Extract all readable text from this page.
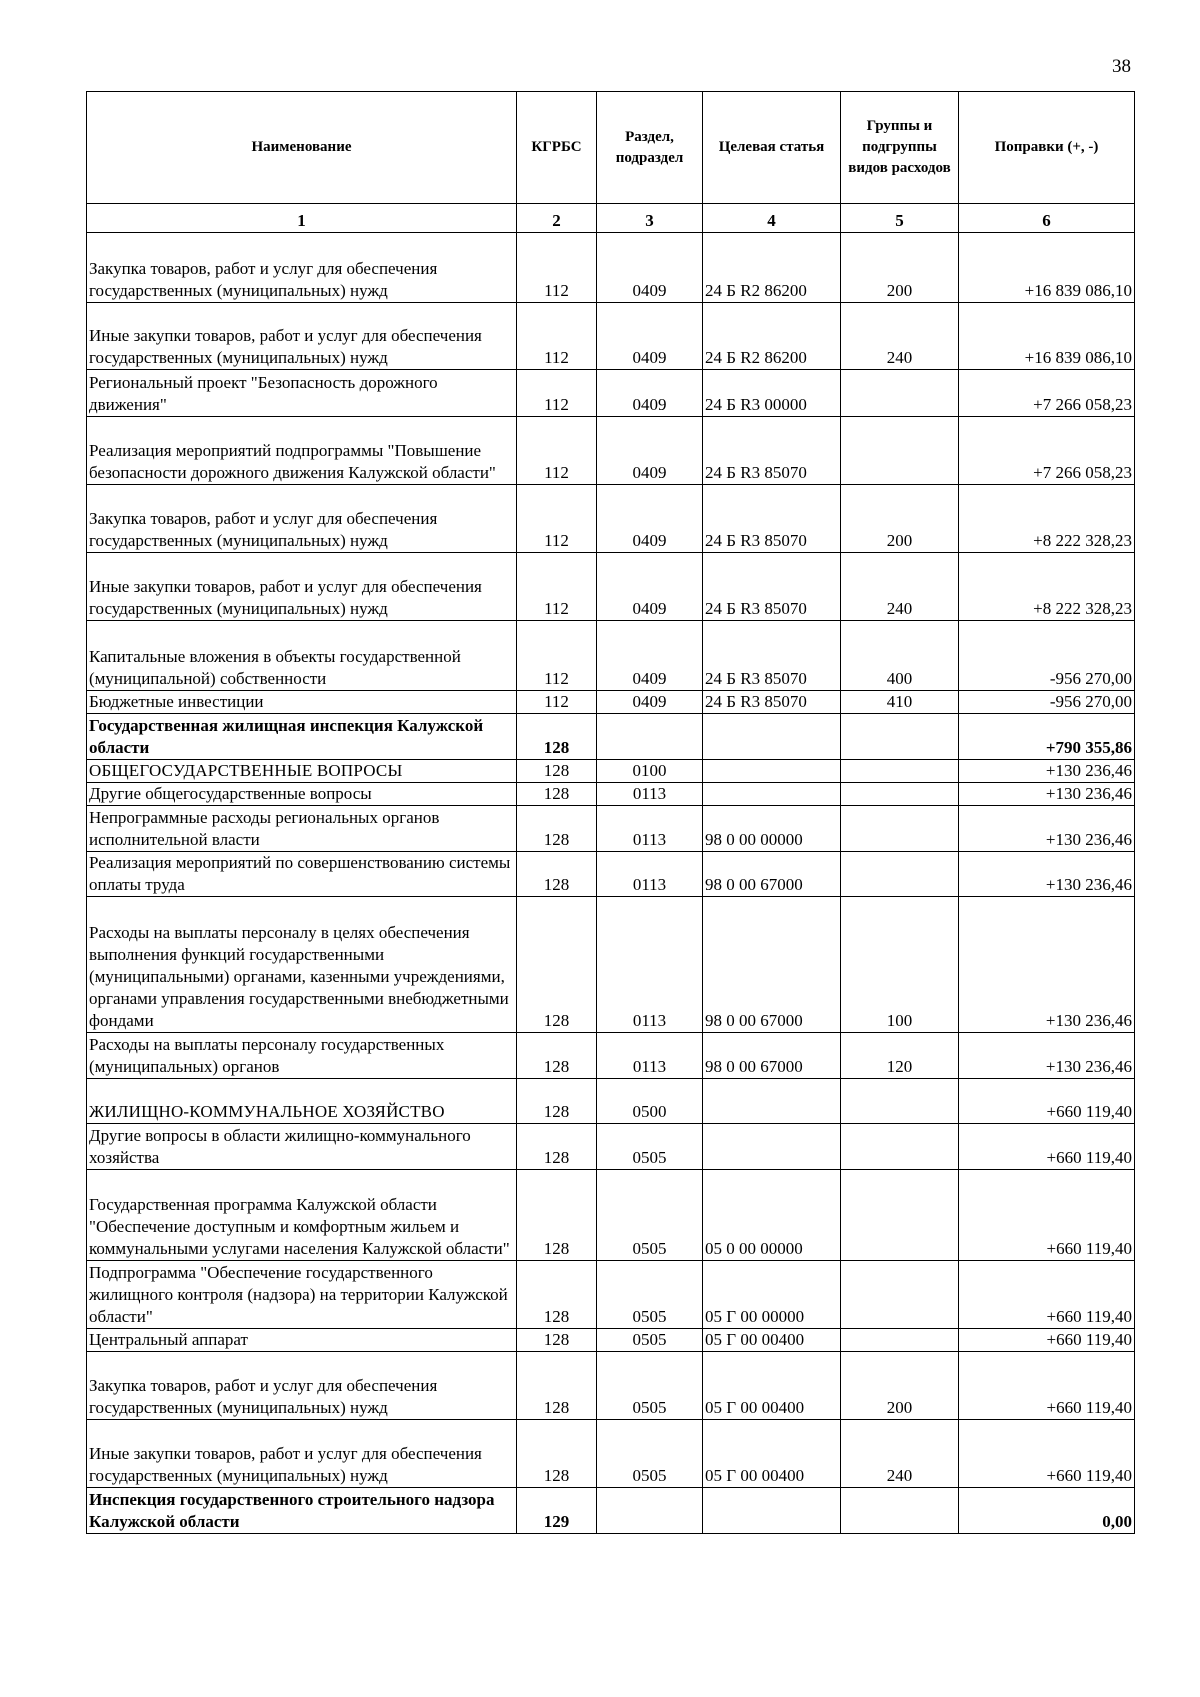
38
Наименование	КГРБС	Раздел, подраздел	Целевая статья	Группы и подгруппы видов расходов	Поправки (+, -)
1	2	3	4	5	6
Закупка товаров, работ и услуг для обеспечения государственных (муниципальных) нужд	112	0409	24 Б R2 86200	200	+16 839 086,10
Иные закупки товаров, работ и услуг для обеспечения государственных (муниципальных) нужд	112	0409	24 Б R2 86200	240	+16 839 086,10
Региональный проект "Безопасность дорожного движения"	112	0409	24 Б R3 00000		+7 266 058,23
Реализация мероприятий подпрограммы "Повышение безопасности дорожного движения Калужской области"	112	0409	24 Б R3 85070		+7 266 058,23
Закупка товаров, работ и услуг для обеспечения государственных (муниципальных) нужд	112	0409	24 Б R3 85070	200	+8 222 328,23
Иные закупки товаров, работ и услуг для обеспечения государственных (муниципальных) нужд	112	0409	24 Б R3 85070	240	+8 222 328,23
Капитальные вложения в объекты государственной (муниципальной) собственности	112	0409	24 Б R3 85070	400	-956 270,00
Бюджетные инвестиции	112	0409	24 Б R3 85070	410	-956 270,00
Государственная жилищная инспекция Калужской области	128				+790 355,86
ОБЩЕГОСУДАРСТВЕННЫЕ ВОПРОСЫ	128	0100			+130 236,46
Другие общегосударственные вопросы	128	0113			+130 236,46
Непрограммные расходы региональных органов исполнительной власти	128	0113	98 0 00 00000		+130 236,46
Реализация мероприятий по совершенствованию системы оплаты труда	128	0113	98 0 00 67000		+130 236,46
Расходы на выплаты персоналу в целях обеспечения выполнения функций государственными (муниципальными) органами, казенными учреждениями, органами управления государственными внебюджетными фондами	128	0113	98 0 00 67000	100	+130 236,46
Расходы на выплаты персоналу государственных (муниципальных) органов	128	0113	98 0 00 67000	120	+130 236,46
ЖИЛИЩНО-КОММУНАЛЬНОЕ ХОЗЯЙСТВО	128	0500			+660 119,40
Другие вопросы в области жилищно-коммунального хозяйства	128	0505			+660 119,40
Государственная программа Калужской области "Обеспечение доступным и комфортным жильем и коммунальными услугами населения Калужской области"	128	0505	05 0 00 00000		+660 119,40
Подпрограмма "Обеспечение государственного жилищного контроля (надзора) на территории Калужской области"	128	0505	05 Г 00 00000		+660 119,40
Центральный аппарат	128	0505	05 Г 00 00400		+660 119,40
Закупка товаров, работ и услуг для обеспечения государственных (муниципальных) нужд	128	0505	05 Г 00 00400	200	+660 119,40
Иные закупки товаров, работ и услуг для обеспечения государственных (муниципальных) нужд	128	0505	05 Г 00 00400	240	+660 119,40
Инспекция государственного строительного надзора Калужской области	129				0,00
